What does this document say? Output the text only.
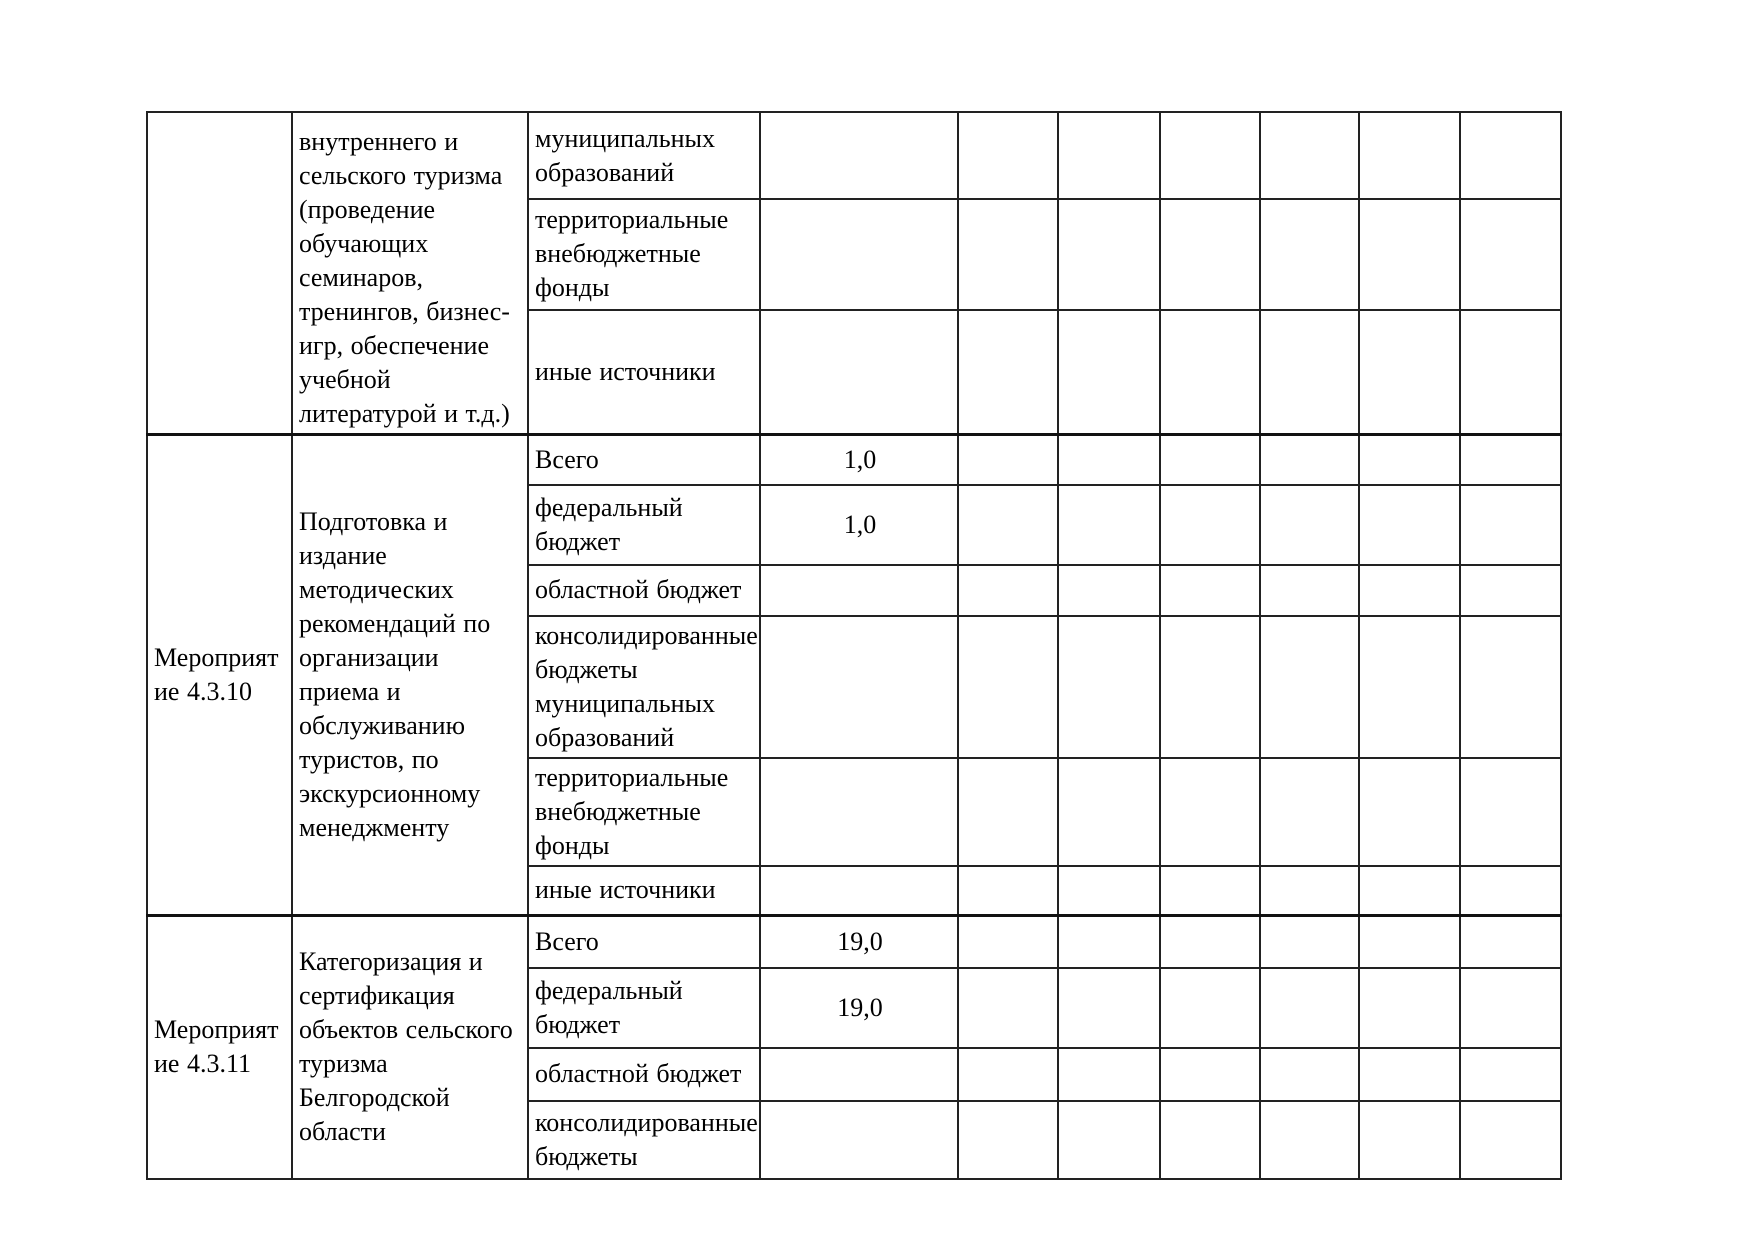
	внутреннего и сельского туризма (проведение обучающих семинаров, тренингов, бизнес-игр, обеспечение учебной литературой и т.д.)	муниципальных образований							
		территориальные внебюджетные фонды							
		иные источники							
Мероприятие 4.3.10	Подготовка и издание методических рекомендаций по организации приема и обслуживанию туристов, по экскурсионному менеджменту	Всего	1,0						
		федеральный бюджет	1,0						
		областной бюджет							
		консолидированные бюджеты муниципальных образований							
		территориальные внебюджетные фонды							
		иные источники							
Мероприятие 4.3.11	Категоризация и сертификация объектов сельского туризма Белгородской области	Всего	19,0						
		федеральный бюджет	19,0						
		областной бюджет							
		консолидированные бюджеты							
